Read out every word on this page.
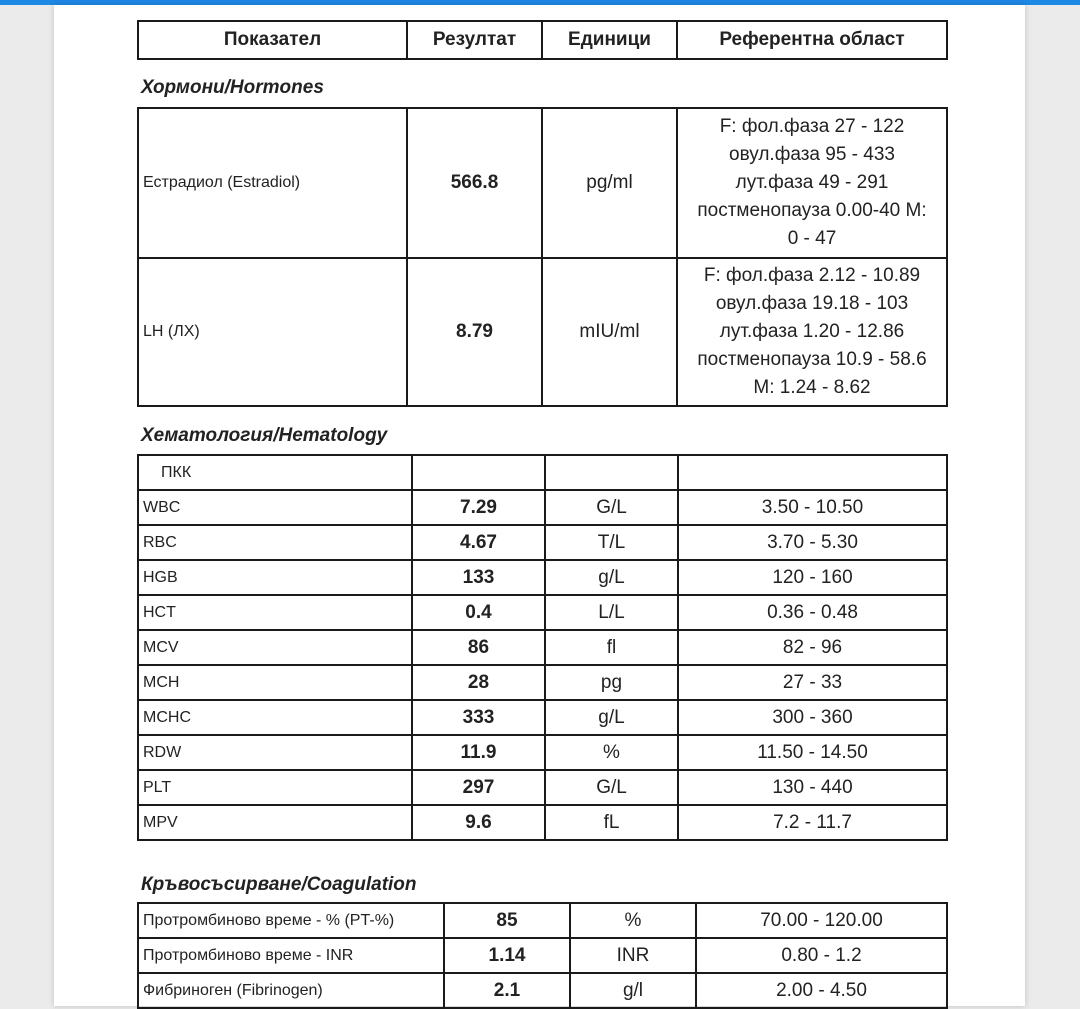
Показател	Резултат	Единици	Референтна област
Хормони/Hormones
Естрадиол (Estradiol)	566.8	pg/ml	F: фол.фаза 27 - 122
овул.фаза 95 - 433
лут.фаза 49 - 291
постменопауза 0.00-40 М:
0 - 47

LH (ЛХ)	8.79	mIU/ml	F: фол.фаза 2.12 - 10.89
овул.фаза 19.18 - 103
лут.фаза 1.20 - 12.86
постменопауза 10.9 - 58.6
M: 1.24 - 8.62
Хематология/Hematology
ПКК			
WBC	7.29	G/L	3.50 - 10.50
RBC	4.67	T/L	3.70 - 5.30
HGB	133	g/L	120 - 160
HCT	0.4	L/L	0.36 - 0.48
MCV	86	fl	82 - 96
MCH	28	pg	27 - 33
MCHC	333	g/L	300 - 360
RDW	11.9	%	11.50 - 14.50
PLT	297	G/L	130 - 440
MPV	9.6	fL	7.2 - 11.7
Кръвосъсирване/Coagulation
Протромбиново време - % (PT-%)	85	%	70.00 - 120.00
Протромбиново време - INR	1.14	INR	0.80 - 1.2
Фибриноген (Fibrinogen)	2.1	g/l	2.00 - 4.50
